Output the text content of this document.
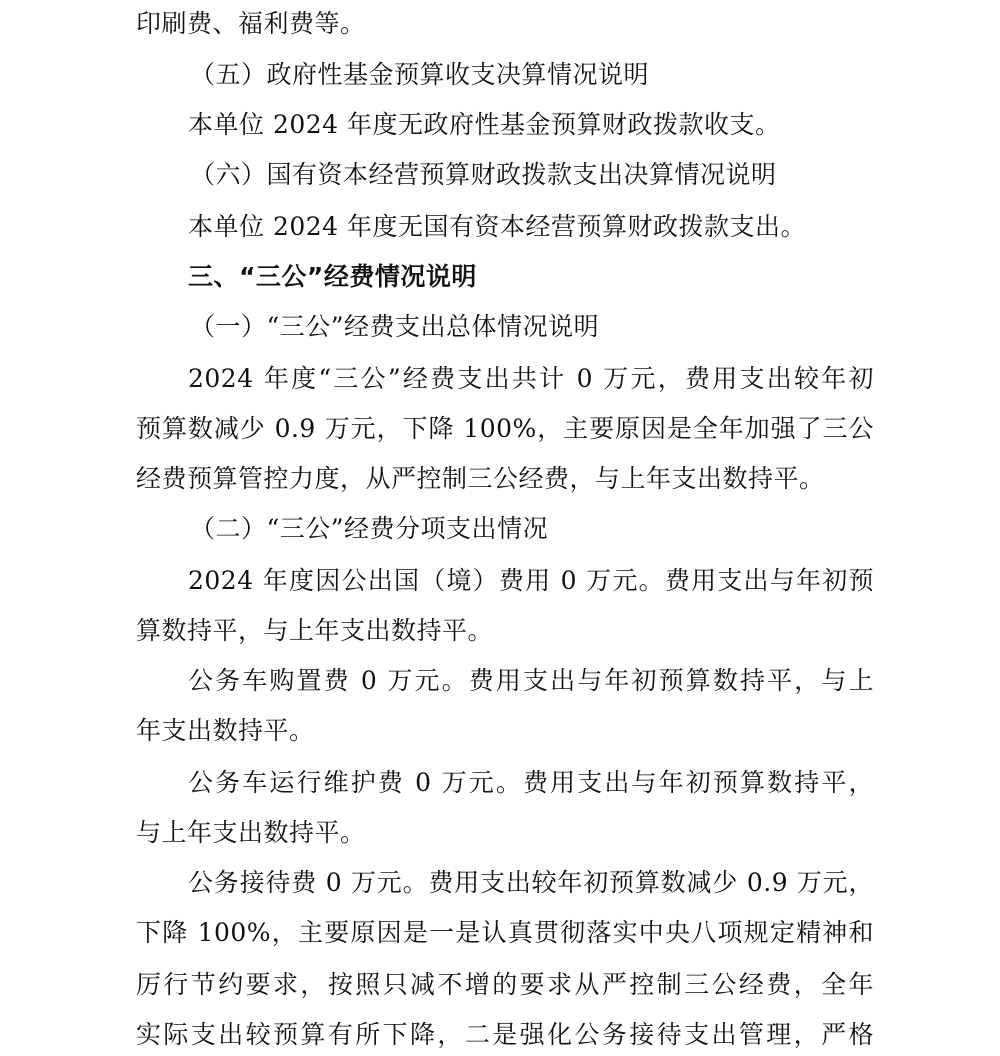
印刷费、福利费等。
（五）政府性基金预算收支决算情况说明
本单位 2024 年度无政府性基金预算财政拨款收支。
（六）国有资本经营预算财政拨款支出决算情况说明
本单位 2024 年度无国有资本经营预算财政拨款支出。
三、“三公”经费情况说明
（一）“三公”经费支出总体情况说明
2024 年度“三公”经费支出共计 0 万元，费用支出较年初
预算数减少 0.9 万元，下降 100%，主要原因是全年加强了三公
经费预算管控力度，从严控制三公经费，与上年支出数持平。
（二）“三公”经费分项支出情况
2024 年度因公出国（境）费用 0 万元。费用支出与年初预
算数持平，与上年支出数持平。
公务车购置费 0 万元。费用支出与年初预算数持平，与上
年支出数持平。
公务车运行维护费 0 万元。费用支出与年初预算数持平，
与上年支出数持平。
公务接待费 0 万元。费用支出较年初预算数减少 0.9 万元，
下降 100%，主要原因是一是认真贯彻落实中央八项规定精神和
厉行节约要求，按照只减不增的要求从严控制三公经费，全年
实际支出较预算有所下降，二是强化公务接待支出管理，严格
